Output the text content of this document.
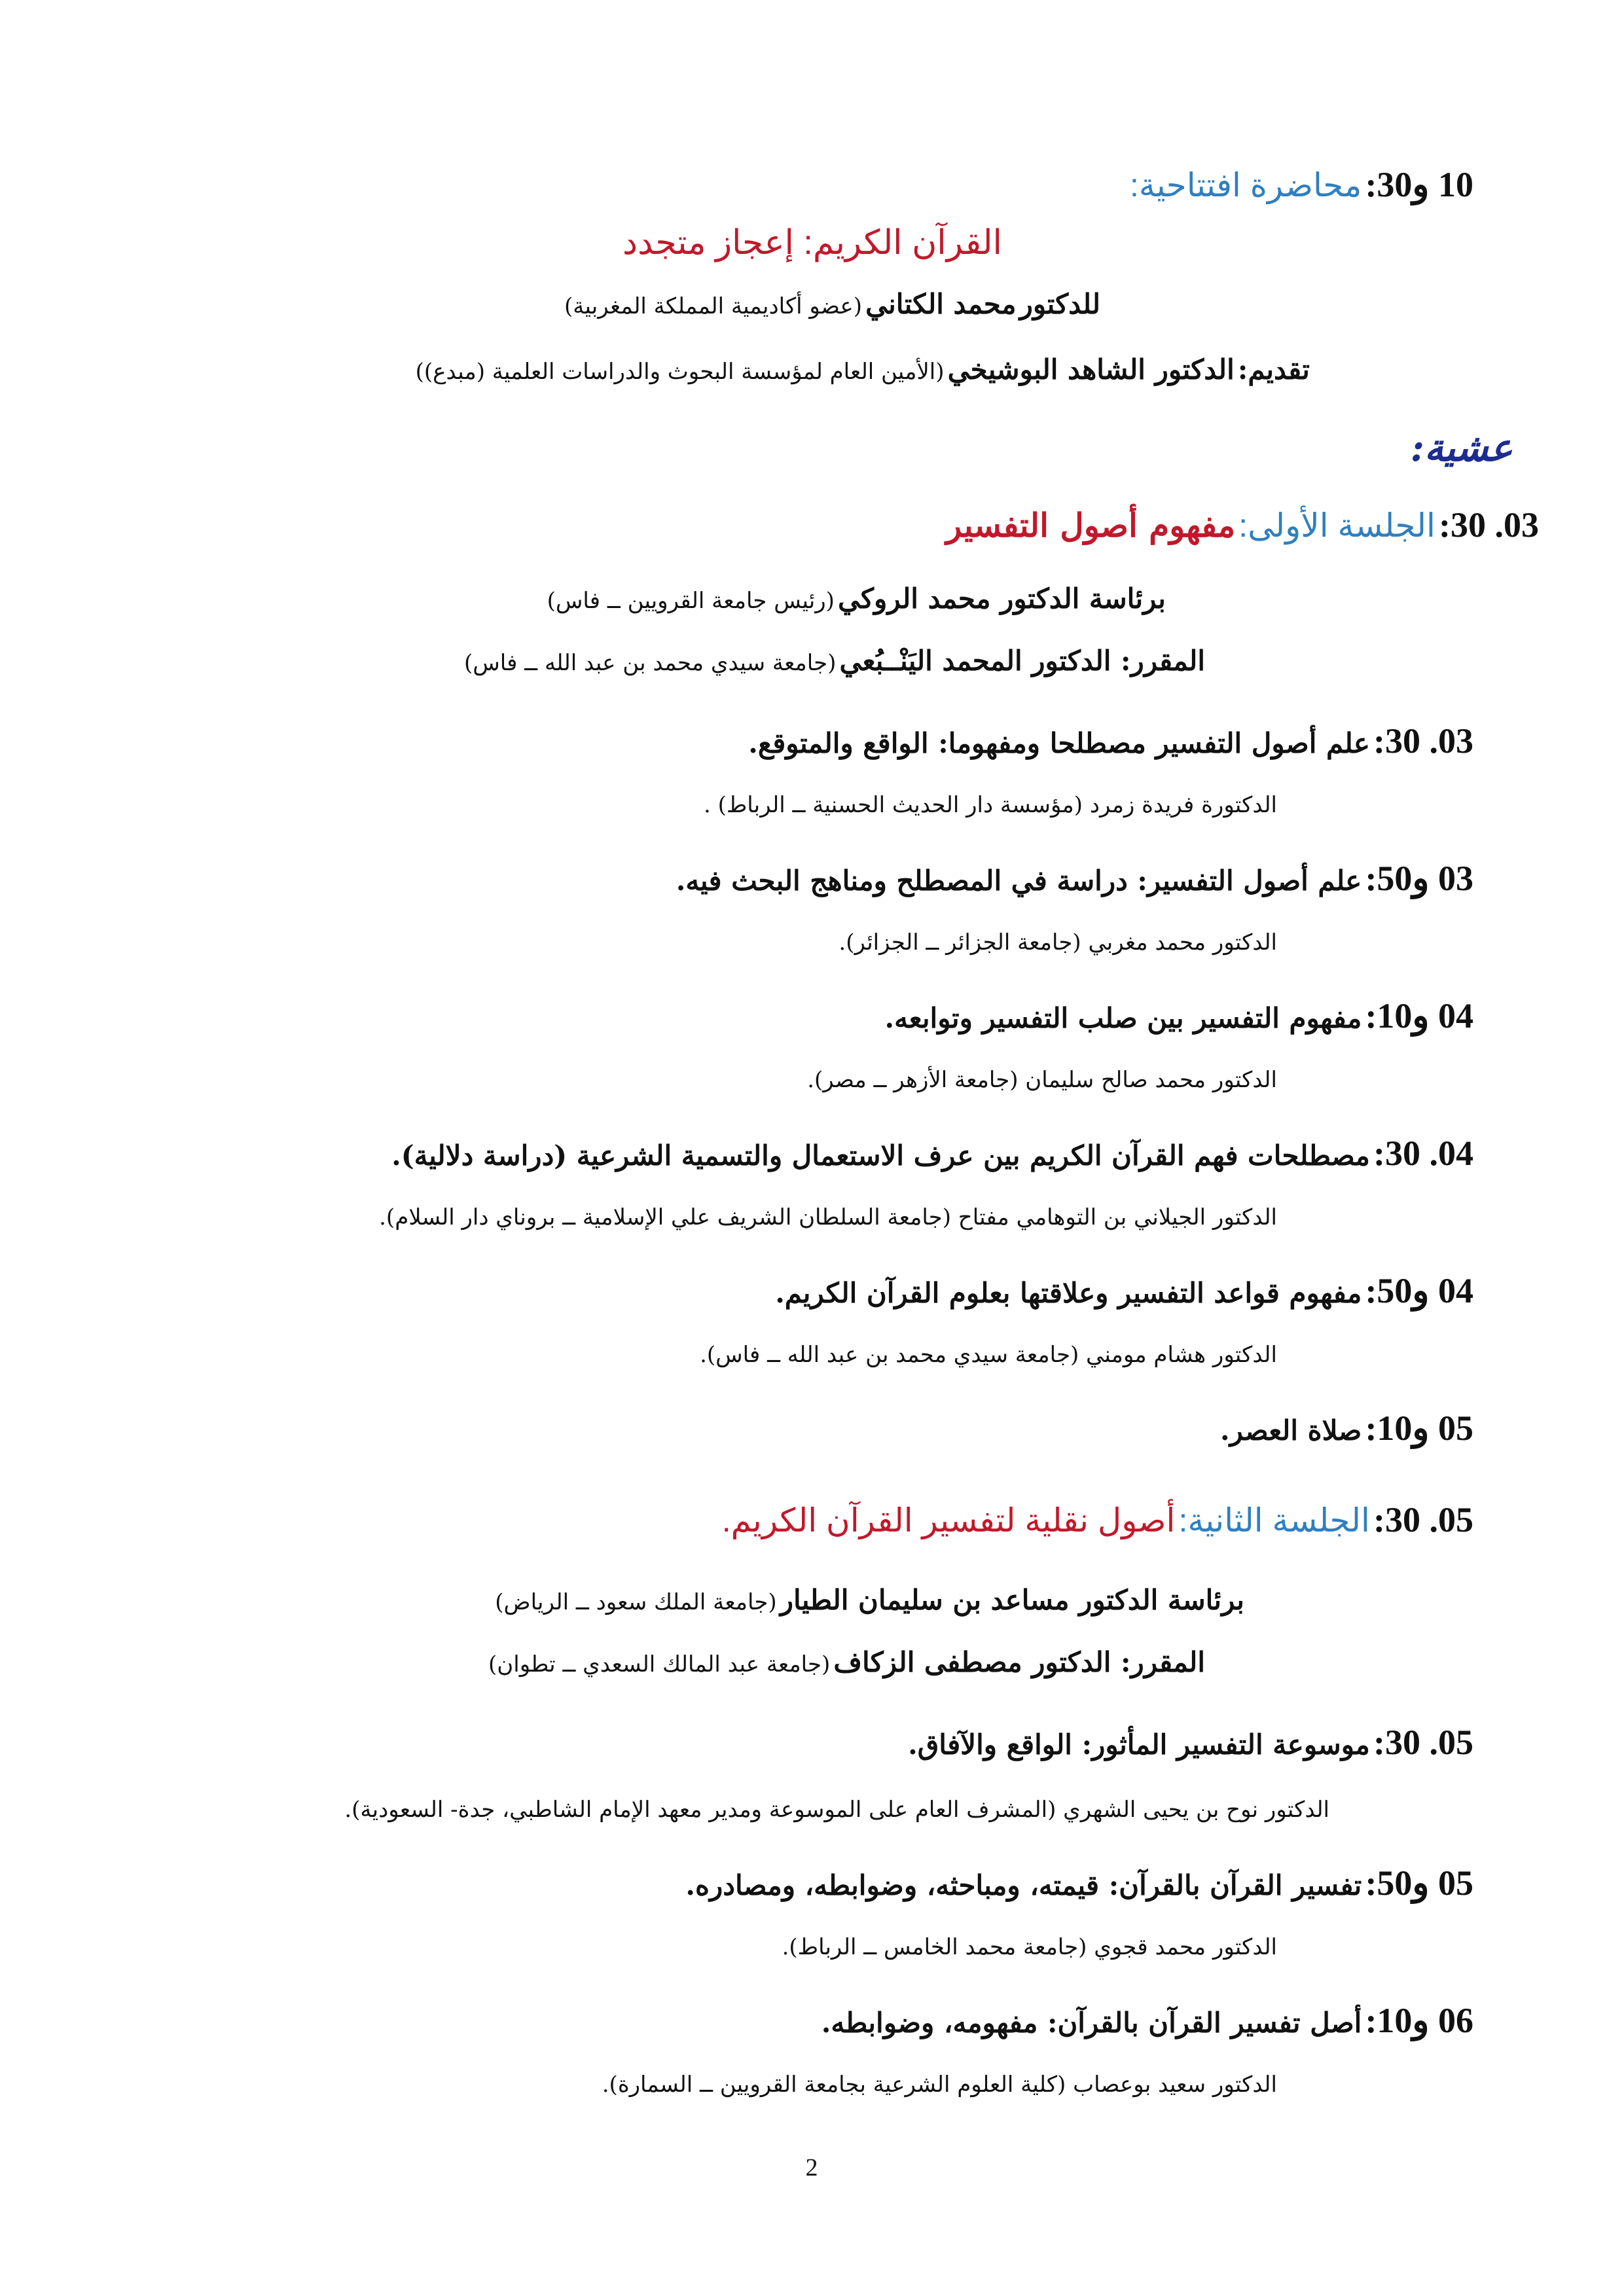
10 و30: محاضرة افتتاحية:
القرآن الكريم: إعجاز متجدد
للدكتور محمد الكتاني (عضو أكاديمية المملكة المغربية)
تقديم: الدكتور الشاهد البوشيخي (الأمين العام لمؤسسة البحوث والدراسات العلمية (مبدع))
عشية:
03. 30: الجلسة الأولى: مفهوم أصول التفسير
برئاسة الدكتور محمد الروكي (رئيس جامعة القرويين ــ فاس)
المقرر: الدكتور المحمد اليَنْــبُعي (جامعة سيدي محمد بن عبد الله ــ فاس)
03. 30: علم أصول التفسير مصطلحا ومفهوما: الواقع والمتوقع.
الدكتورة فريدة زمرد (مؤسسة دار الحديث الحسنية ــ الرباط) .
03 و50: علم أصول التفسير: دراسة في المصطلح ومناهج البحث فيه.
الدكتور محمد مغربي (جامعة الجزائر ــ الجزائر).
04 و10: مفهوم التفسير بين صلب التفسير وتوابعه.
الدكتور محمد صالح سليمان (جامعة الأزهر ــ مصر).
04. 30: مصطلحات فهم القرآن الكريم بين عرف الاستعمال والتسمية الشرعية (دراسة دلالية).
الدكتور الجيلاني بن التوهامي مفتاح (جامعة السلطان الشريف علي الإسلامية ــ بروناي دار السلام).
04 و50: مفهوم قواعد التفسير وعلاقتها بعلوم القرآن الكريم.
الدكتور هشام مومني (جامعة سيدي محمد بن عبد الله ــ فاس).
05 و10: صلاة العصر.
05. 30: الجلسة الثانية: أصول نقلية لتفسير القرآن الكريم.
برئاسة الدكتور مساعد بن سليمان الطيار (جامعة الملك سعود ــ الرياض)
المقرر: الدكتور مصطفى الزكاف (جامعة عبد المالك السعدي ــ تطوان)
05. 30: موسوعة التفسير المأثور: الواقع والآفاق.
الدكتور نوح بن يحيى الشهري (المشرف العام على الموسوعة ومدير معهد الإمام الشاطبي، جدة- السعودية).
05 و50: تفسير القرآن بالقرآن: قيمته، ومباحثه، وضوابطه، ومصادره.
الدكتور محمد قجوي (جامعة محمد الخامس ــ الرباط).
06 و10: أصل تفسير القرآن بالقرآن: مفهومه، وضوابطه.
الدكتور سعيد بوعصاب (كلية العلوم الشرعية بجامعة القرويين ــ السمارة).
2
